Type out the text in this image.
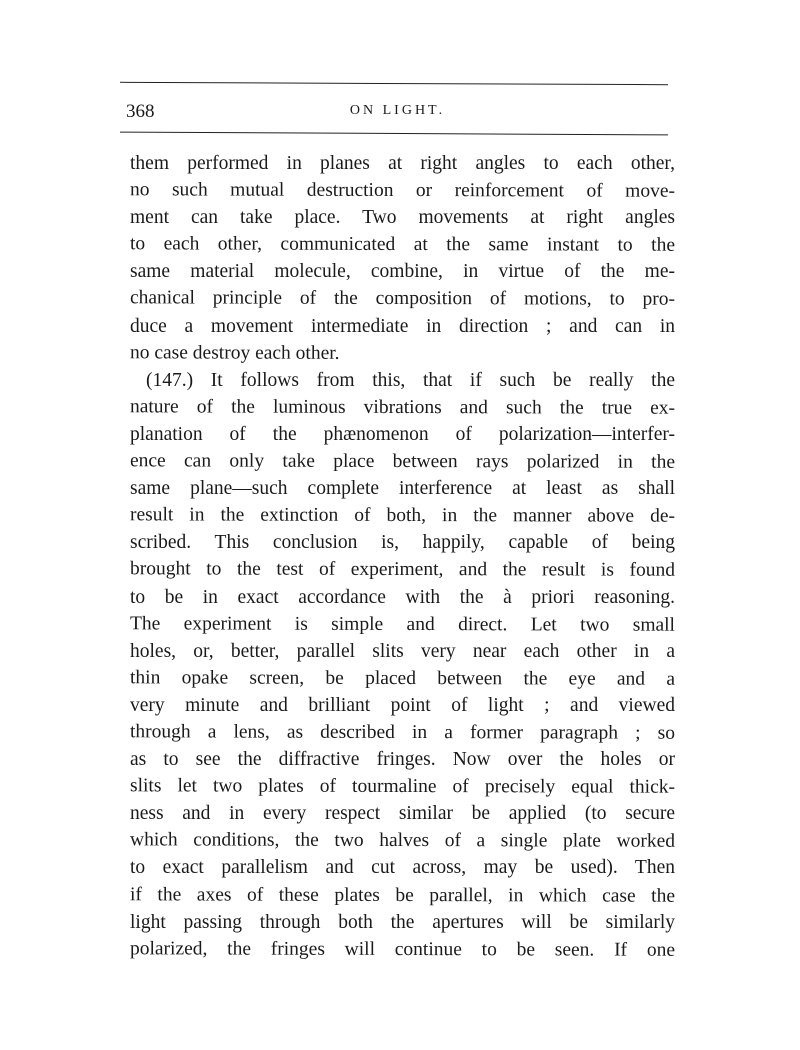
368	ON LIGHT.
them performed in planes at right angles to each other,
no such mutual destruction or reinforcement of move-
ment can take place. Two movements at right angles
to each other, communicated at the same instant to the
same material molecule, combine, in virtue of the me-
chanical principle of the composition of motions, to pro-
duce a movement intermediate in direction ; and can in
no case destroy each other.
(147.) It follows from this, that if such be really the
nature of the luminous vibrations and such the true ex-
planation of the phænomenon of polarization—interfer-
ence can only take place between rays polarized in the
same plane—such complete interference at least as shall
result in the extinction of both, in the manner above de-
scribed. This conclusion is, happily, capable of being
brought to the test of experiment, and the result is found
to be in exact accordance with the à priori reasoning.
The experiment is simple and direct. Let two small
holes, or, better, parallel slits very near each other in a
thin opake screen, be placed between the eye and a
very minute and brilliant point of light ; and viewed
through a lens, as described in a former paragraph ; so
as to see the diffractive fringes. Now over the holes or
slits let two plates of tourmaline of precisely equal thick-
ness and in every respect similar be applied (to secure
which conditions, the two halves of a single plate worked
to exact parallelism and cut across, may be used). Then
if the axes of these plates be parallel, in which case the
light passing through both the apertures will be similarly
polarized, the fringes will continue to be seen. If one
